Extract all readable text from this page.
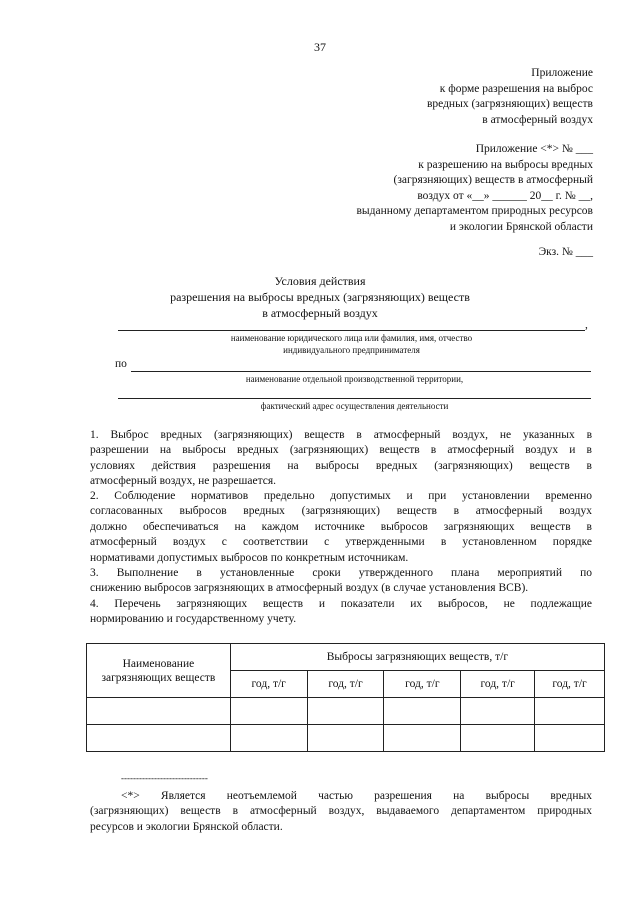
37
Приложение
к форме разрешения на выброс
вредных (загрязняющих) веществ
в атмосферный воздух
Приложение <*> № ___
к разрешению на выбросы вредных
(загрязняющих) веществ в атмосферный
воздух от «__» ______ 20__ г. № __,
выданному департаментом природных ресурсов
и экологии Брянской области
Экз. № ___
Условия действия
разрешения на выбросы вредных (загрязняющих) веществ
в атмосферный воздух
,
наименование юридического лица или фамилия, имя, отчество
индивидуального предпринимателя
по
наименование отдельной производственной территории,
фактический адрес осуществления деятельности
1. Выброс вредных (загрязняющих) веществ в атмосферный воздух, не указанных в
разрешении на выбросы вредных (загрязняющих) веществ в атмосферный воздух и в
условиях действия разрешения на выбросы вредных (загрязняющих) веществ в
атмосферный воздух, не разрешается.
2. Соблюдение нормативов предельно допустимых и при установлении временно
согласованных выбросов вредных (загрязняющих) веществ в атмосферный воздух
должно обеспечиваться на каждом источнике выбросов загрязняющих веществ в
атмосферный воздух с соответствии с утвержденными в установленном порядке
нормативами допустимых выбросов по конкретным источникам.
3. Выполнение в установленные сроки утвержденного плана мероприятий по
снижению выбросов загрязняющих в атмосферный воздух (в случае установления ВСВ).
4. Перечень загрязняющих веществ и показатели их выбросов, не подлежащие
нормированию и государственному учету.
Наименование загрязняющих веществ	Выбросы загрязняющих веществ, т/г				
	год, т/г	год, т/г	год, т/г	год, т/г	год, т/г

-----------------------------
<*> Является неотъемлемой частью разрешения на выбросы вредных
(загрязняющих) веществ в атмосферный воздух, выдаваемого департаментом природных
ресурсов и экологии Брянской области.
